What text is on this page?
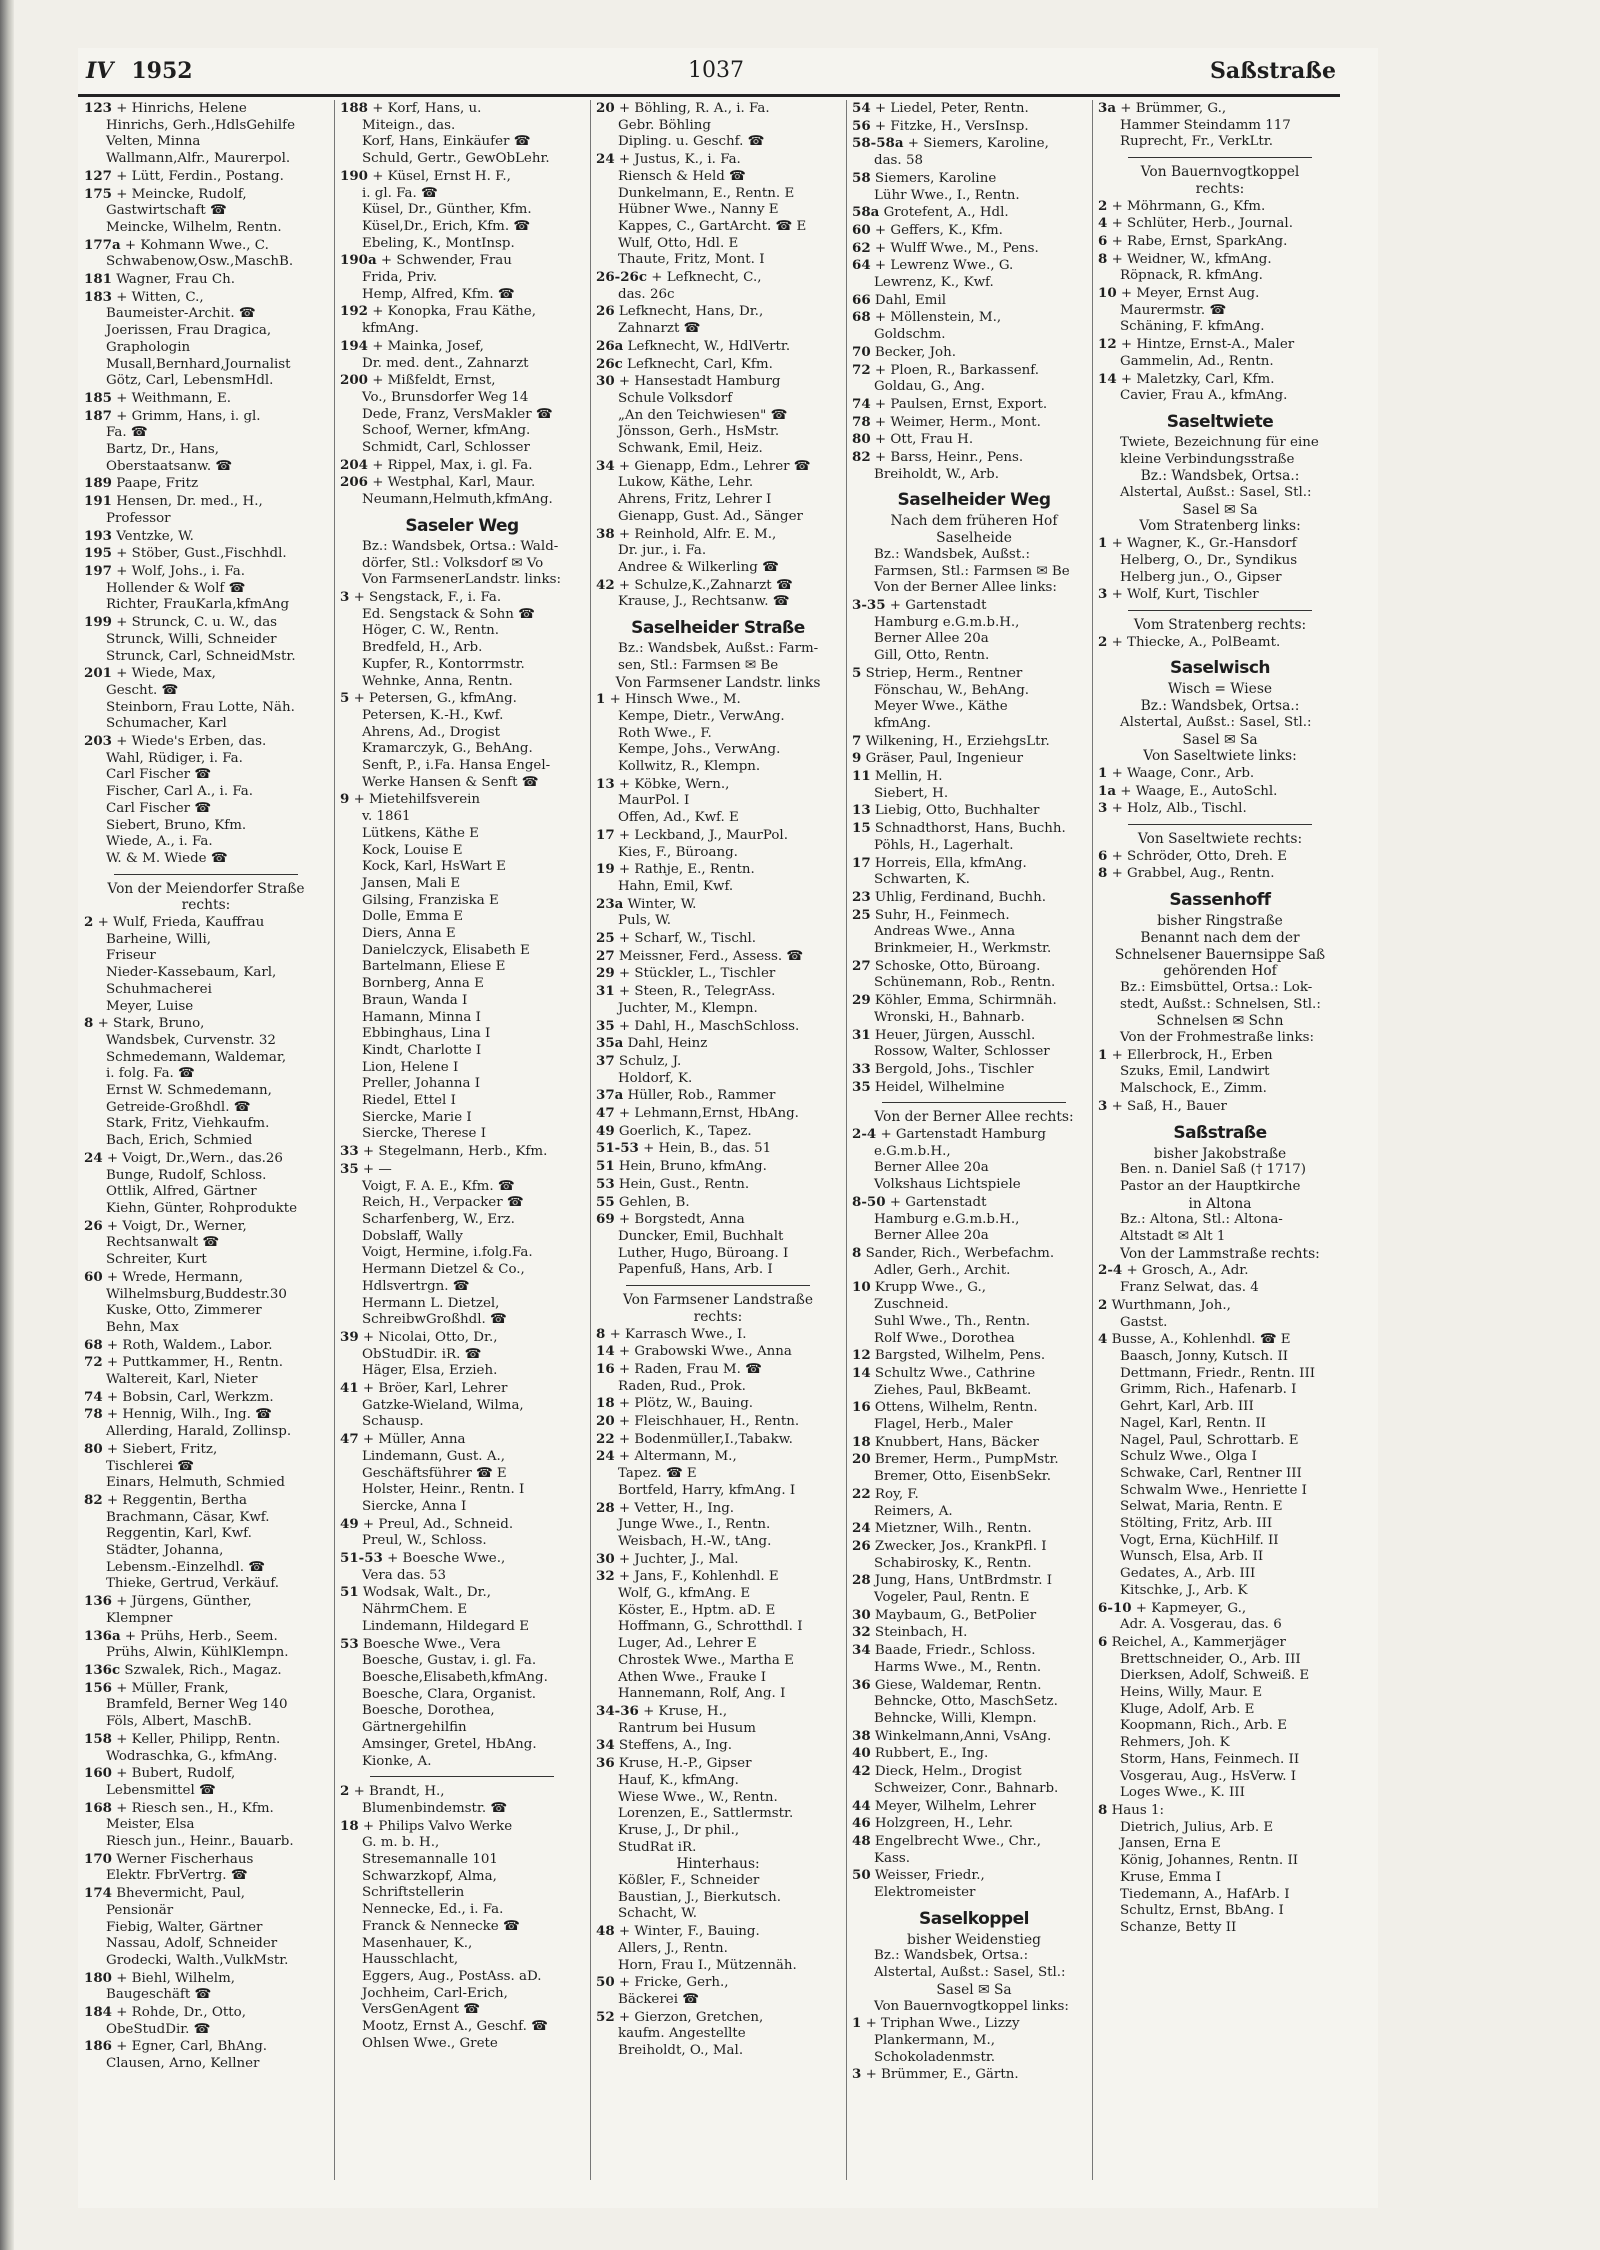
IV 1952	1037	Saßstraße
123 + Hinrichs, Helene
Hinrichs, Gerh.,HdlsGehilfe
Velten, Minna
Wallmann,Alfr., Maurerpol.
127 + Lütt, Ferdin., Postang.
175 + Meincke, Rudolf,
Gastwirtschaft ☎
Meincke, Wilhelm, Rentn.
177a + Kohmann Wwe., C.
Schwabenow,Osw.,MaschB.
181 Wagner, Frau Ch.
183 + Witten, C.,
Baumeister-Archit. ☎
Joerissen, Frau Dragica,
Graphologin
Musall,Bernhard,Journalist
Götz, Carl, LebensmHdl.
185 + Weithmann, E.
187 + Grimm, Hans, i. gl.
Fa. ☎
Bartz, Dr., Hans,
Oberstaatsanw. ☎
189 Paape, Fritz
191 Hensen, Dr. med., H.,
Professor
193 Ventzke, W.
195 + Stöber, Gust.,Fischhdl.
197 + Wolf, Johs., i. Fa.
Hollender & Wolf ☎
Richter, FrauKarla,kfmAng
199 + Strunck, C. u. W., das
Strunck, Willi, Schneider
Strunck, Carl, SchneidMstr.
201 + Wiede, Max,
Gescht. ☎
Steinborn, Frau Lotte, Näh.
Schumacher, Karl
203 + Wiede's Erben, das.
Wahl, Rüdiger, i. Fa.
Carl Fischer ☎
Fischer, Carl A., i. Fa.
Carl Fischer ☎
Siebert, Bruno, Kfm.
Wiede, A., i. Fa.
W. & M. Wiede ☎
Von der Meiendorfer Straße
rechts:
2 + Wulf, Frieda, Kauffrau
Barheine, Willi,
Friseur
Nieder-Kassebaum, Karl,
Schuhmacherei
Meyer, Luise
8 + Stark, Bruno,
Wandsbek, Curvenstr. 32
Schmedemann, Waldemar,
i. folg. Fa. ☎
Ernst W. Schmedemann,
Getreide-Großhdl. ☎
Stark, Fritz, Viehkaufm.
Bach, Erich, Schmied
24 + Voigt, Dr.,Wern., das.26
Bunge, Rudolf, Schloss.
Ottlik, Alfred, Gärtner
Kiehn, Günter, Rohprodukte
26 + Voigt, Dr., Werner,
Rechtsanwalt ☎
Schreiter, Kurt
60 + Wrede, Hermann,
Wilhelmsburg,Buddestr.30
Kuske, Otto, Zimmerer
Behn, Max
68 + Roth, Waldem., Labor.
72 + Puttkammer, H., Rentn.
Waltereit, Karl, Nieter
74 + Bobsin, Carl, Werkzm.
78 + Hennig, Wilh., Ing. ☎
Allerding, Harald, Zollinsp.
80 + Siebert, Fritz,
Tischlerei ☎
Einars, Helmuth, Schmied
82 + Reggentin, Bertha
Brachmann, Cäsar, Kwf.
Reggentin, Karl, Kwf.
Städter, Johanna,
Lebensm.-Einzelhdl. ☎
Thieke, Gertrud, Verkäuf.
136 + Jürgens, Günther,
Klempner
136a + Prühs, Herb., Seem.
Prühs, Alwin, KühlKlempn.
136c Szwalek, Rich., Magaz.
156 + Müller, Frank,
Bramfeld, Berner Weg 140
Föls, Albert, MaschB.
158 + Keller, Philipp, Rentn.
Wodraschka, G., kfmAng.
160 + Bubert, Rudolf,
Lebensmittel ☎
168 + Riesch sen., H., Kfm.
Meister, Elsa
Riesch jun., Heinr., Bauarb.
170 Werner Fischerhaus
Elektr. FbrVertrg. ☎
174 Bhevermicht, Paul,
Pensionär
Fiebig, Walter, Gärtner
Nassau, Adolf, Schneider
Grodecki, Walth.,VulkMstr.
180 + Biehl, Wilhelm,
Baugeschäft ☎
184 + Rohde, Dr., Otto,
ObeStudDir. ☎
186 + Egner, Carl, BhAng.
Clausen, Arno, Kellner
188 + Korf, Hans, u.
Miteign., das.
Korf, Hans, Einkäufer ☎
Schuld, Gertr., GewObLehr.
190 + Küsel, Ernst H. F.,
i. gl. Fa. ☎
Küsel, Dr., Günther, Kfm.
Küsel,Dr., Erich, Kfm. ☎
Ebeling, K., MontInsp.
190a + Schwender, Frau
Frida, Priv.
Hemp, Alfred, Kfm. ☎
192 + Konopka, Frau Käthe,
kfmAng.
194 + Mainka, Josef,
Dr. med. dent., Zahnarzt
200 + Mißfeldt, Ernst,
Vo., Brunsdorfer Weg 14
Dede, Franz, VersMakler ☎
Schoof, Werner, kfmAng.
Schmidt, Carl, Schlosser
204 + Rippel, Max, i. gl. Fa.
206 + Westphal, Karl, Maur.
Neumann,Helmuth,kfmAng.
Saseler Weg
Bz.: Wandsbek, Ortsa.: Wald-
dörfer, Stl.: Volksdorf ✉ Vo
Von FarmsenerLandstr. links:
3 + Sengstack, F., i. Fa.
Ed. Sengstack & Sohn ☎
Höger, C. W., Rentn.
Bredfeld, H., Arb.
Kupfer, R., Kontorrmstr.
Wehnke, Anna, Rentn.
5 + Petersen, G., kfmAng.
Petersen, K.-H., Kwf.
Ahrens, Ad., Drogist
Kramarczyk, G., BehAng.
Senft, P., i.Fa. Hansa Engel-
Werke Hansen & Senft ☎
9 + Mietehilfsverein
v. 1861
Lütkens, Käthe E
Kock, Louise E
Kock, Karl, HsWart E
Jansen, Mali E
Gilsing, Franziska E
Dolle, Emma E
Diers, Anna E
Danielczyck, Elisabeth E
Bartelmann, Eliese E
Bornberg, Anna E
Braun, Wanda I
Hamann, Minna I
Ebbinghaus, Lina I
Kindt, Charlotte I
Lion, Helene I
Preller, Johanna I
Riedel, Ettel I
Siercke, Marie I
Siercke, Therese I
33 + Stegelmann, Herb., Kfm.
35 + —
Voigt, F. A. E., Kfm. ☎
Reich, H., Verpacker ☎
Scharfenberg, W., Erz.
Dobslaff, Wally
Voigt, Hermine, i.folg.Fa.
Hermann Dietzel & Co.,
Hdlsvertrgn. ☎
Hermann L. Dietzel,
SchreibwGroßhdl. ☎
39 + Nicolai, Otto, Dr.,
ObStudDir. iR. ☎
Häger, Elsa, Erzieh.
41 + Bröer, Karl, Lehrer
Gatzke-Wieland, Wilma,
Schausp.
47 + Müller, Anna
Lindemann, Gust. A.,
Geschäftsführer ☎ E
Holster, Heinr., Rentn. I
Siercke, Anna I
49 + Preul, Ad., Schneid.
Preul, W., Schloss.
51-53 + Boesche Wwe.,
Vera das. 53
51 Wodsak, Walt., Dr.,
NährmChem. E
Lindemann, Hildegard E
53 Boesche Wwe., Vera
Boesche, Gustav, i. gl. Fa.
Boesche,Elisabeth,kfmAng.
Boesche, Clara, Organist.
Boesche, Dorothea,
Gärtnergehilfin
Amsinger, Gretel, HbAng.
Kionke, A.
2 + Brandt, H.,
Blumenbindemstr. ☎
18 + Philips Valvo Werke
G. m. b. H.,
Stresemannalle 101
Schwarzkopf, Alma,
Schriftstellerin
Nennecke, Ed., i. Fa.
Franck & Nennecke ☎
Masenhauer, K.,
Hausschlacht,
Eggers, Aug., PostAss. aD.
Jochheim, Carl-Erich,
VersGenAgent ☎
Mootz, Ernst A., Geschf. ☎
Ohlsen Wwe., Grete
20 + Böhling, R. A., i. Fa.
Gebr. Böhling
Dipling. u. Geschf. ☎
24 + Justus, K., i. Fa.
Riensch & Held ☎
Dunkelmann, E., Rentn. E
Hübner Wwe., Nanny E
Kappes, C., GartArcht. ☎ E
Wulf, Otto, Hdl. E
Thaute, Fritz, Mont. I
26-26c + Lefknecht, C.,
das. 26c
26 Lefknecht, Hans, Dr.,
Zahnarzt ☎
26a Lefknecht, W., HdlVertr.
26c Lefknecht, Carl, Kfm.
30 + Hansestadt Hamburg
Schule Volksdorf
„An den Teichwiesen" ☎
Jönsson, Gerh., HsMstr.
Schwank, Emil, Heiz.
34 + Gienapp, Edm., Lehrer ☎
Lukow, Käthe, Lehr.
Ahrens, Fritz, Lehrer I
Gienapp, Gust. Ad., Sänger
38 + Reinhold, Alfr. E. M.,
Dr. jur., i. Fa.
Andree & Wilkerling ☎
42 + Schulze,K.,Zahnarzt ☎
Krause, J., Rechtsanw. ☎
Saselheider Straße
Bz.: Wandsbek, Außst.: Farm-
sen, Stl.: Farmsen ✉ Be
Von Farmsener Landstr. links
1 + Hinsch Wwe., M.
Kempe, Dietr., VerwAng.
Roth Wwe., F.
Kempe, Johs., VerwAng.
Kollwitz, R., Klempn.
13 + Köbke, Wern.,
MaurPol. I
Offen, Ad., Kwf. E
17 + Leckband, J., MaurPol.
Kies, F., Büroang.
19 + Rathje, E., Rentn.
Hahn, Emil, Kwf.
23a Winter, W.
Puls, W.
25 + Scharf, W., Tischl.
27 Meissner, Ferd., Assess. ☎
29 + Stückler, L., Tischler
31 + Steen, R., TelegrAss.
Juchter, M., Klempn.
35 + Dahl, H., MaschSchloss.
35a Dahl, Heinz
37 Schulz, J.
Holdorf, K.
37a Hüller, Rob., Rammer
47 + Lehmann,Ernst, HbAng.
49 Goerlich, K., Tapez.
51-53 + Hein, B., das. 51
51 Hein, Bruno, kfmAng.
53 Hein, Gust., Rentn.
55 Gehlen, B.
69 + Borgstedt, Anna
Duncker, Emil, Buchhalt
Luther, Hugo, Büroang. I
Papenfuß, Hans, Arb. I
Von Farmsener Landstraße
rechts:
8 + Karrasch Wwe., I.
14 + Grabowski Wwe., Anna
16 + Raden, Frau M. ☎
Raden, Rud., Prok.
18 + Plötz, W., Bauing.
20 + Fleischhauer, H., Rentn.
22 + Bodenmüller,I.,Tabakw.
24 + Altermann, M.,
Tapez. ☎ E
Bortfeld, Harry, kfmAng. I
28 + Vetter, H., Ing.
Junge Wwe., I., Rentn.
Weisbach, H.-W., tAng.
30 + Juchter, J., Mal.
32 + Jans, F., Kohlenhdl. E
Wolf, G., kfmAng. E
Köster, E., Hptm. aD. E
Hoffmann, G., Schrotthdl. I
Luger, Ad., Lehrer E
Chrostek Wwe., Martha E
Athen Wwe., Frauke I
Hannemann, Rolf, Ang. I
34-36 + Kruse, H.,
Rantrum bei Husum
34 Steffens, A., Ing.
36 Kruse, H.-P., Gipser
Hauf, K., kfmAng.
Wiese Wwe., W., Rentn.
Lorenzen, E., Sattlermstr.
Kruse, J., Dr phil.,
StudRat iR.
Hinterhaus:
Kößler, F., Schneider
Baustian, J., Bierkutsch.
Schacht, W.
48 + Winter, F., Bauing.
Allers, J., Rentn.
Horn, Frau I., Mützennäh.
50 + Fricke, Gerh.,
Bäckerei ☎
52 + Gierzon, Gretchen,
kaufm. Angestellte
Breiholdt, O., Mal.
54 + Liedel, Peter, Rentn.
56 + Fitzke, H., VersInsp.
58-58a + Siemers, Karoline,
das. 58
58 Siemers, Karoline
Lühr Wwe., I., Rentn.
58a Grotefent, A., Hdl.
60 + Geffers, K., Kfm.
62 + Wulff Wwe., M., Pens.
64 + Lewrenz Wwe., G.
Lewrenz, K., Kwf.
66 Dahl, Emil
68 + Möllenstein, M.,
Goldschm.
70 Becker, Joh.
72 + Ploen, R., Barkassenf.
Goldau, G., Ang.
74 + Paulsen, Ernst, Export.
78 + Weimer, Herm., Mont.
80 + Ott, Frau H.
82 + Barss, Heinr., Pens.
Breiholdt, W., Arb.
Saselheider Weg
Nach dem früheren Hof
Saselheide
Bz.: Wandsbek, Außst.:
Farmsen, Stl.: Farmsen ✉ Be
Von der Berner Allee links:
3-35 + Gartenstadt
Hamburg e.G.m.b.H.,
Berner Allee 20a
Gill, Otto, Rentn.
5 Striep, Herm., Rentner
Fönschau, W., BehAng.
Meyer Wwe., Käthe
kfmAng.
7 Wilkening, H., ErziehgsLtr.
9 Gräser, Paul, Ingenieur
11 Mellin, H.
Siebert, H.
13 Liebig, Otto, Buchhalter
15 Schnadthorst, Hans, Buchh.
Pöhls, H., Lagerhalt.
17 Horreis, Ella, kfmAng.
Schwarten, K.
23 Uhlig, Ferdinand, Buchh.
25 Suhr, H., Feinmech.
Andreas Wwe., Anna
Brinkmeier, H., Werkmstr.
27 Schoske, Otto, Büroang.
Schünemann, Rob., Rentn.
29 Köhler, Emma, Schirmnäh.
Wronski, H., Bahnarb.
31 Heuer, Jürgen, Ausschl.
Rossow, Walter, Schlosser
33 Bergold, Johs., Tischler
35 Heidel, Wilhelmine
Von der Berner Allee rechts:
2-4 + Gartenstadt Hamburg
e.G.m.b.H.,
Berner Allee 20a
Volkshaus Lichtspiele
8-50 + Gartenstadt
Hamburg e.G.m.b.H.,
Berner Allee 20a
8 Sander, Rich., Werbefachm.
Adler, Gerh., Archit.
10 Krupp Wwe., G.,
Zuschneid.
Suhl Wwe., Th., Rentn.
Rolf Wwe., Dorothea
12 Bargsted, Wilhelm, Pens.
14 Schultz Wwe., Cathrine
Ziehes, Paul, BkBeamt.
16 Ottens, Wilhelm, Rentn.
Flagel, Herb., Maler
18 Knubbert, Hans, Bäcker
20 Bremer, Herm., PumpMstr.
Bremer, Otto, EisenbSekr.
22 Roy, F.
Reimers, A.
24 Mietzner, Wilh., Rentn.
26 Zwecker, Jos., KrankPfl. I
Schabirosky, K., Rentn.
28 Jung, Hans, UntBrdmstr. I
Vogeler, Paul, Rentn. E
30 Maybaum, G., BetPolier
32 Steinbach, H.
34 Baade, Friedr., Schloss.
Harms Wwe., M., Rentn.
36 Giese, Waldemar, Rentn.
Behncke, Otto, MaschSetz.
Behncke, Willi, Klempn.
38 Winkelmann,Anni, VsAng.
40 Rubbert, E., Ing.
42 Dieck, Helm., Drogist
Schweizer, Conr., Bahnarb.
44 Meyer, Wilhelm, Lehrer
46 Holzgreen, H., Lehr.
48 Engelbrecht Wwe., Chr.,
Kass.
50 Weisser, Friedr.,
Elektromeister
Saselkoppel
bisher Weidenstieg
Bz.: Wandsbek, Ortsa.:
Alstertal, Außst.: Sasel, Stl.:
Sasel ✉ Sa
Von Bauernvogtkoppel links:
1 + Triphan Wwe., Lizzy
Plankermann, M.,
Schokoladenmstr.
3 + Brümmer, E., Gärtn.
3a + Brümmer, G.,
Hammer Steindamm 117
Ruprecht, Fr., VerkLtr.
Von Bauernvogtkoppel
rechts:
2 + Möhrmann, G., Kfm.
4 + Schlüter, Herb., Journal.
6 + Rabe, Ernst, SparkAng.
8 + Weidner, W., kfmAng.
Röpnack, R. kfmAng.
10 + Meyer, Ernst Aug.
Maurermstr. ☎
Schäning, F. kfmAng.
12 + Hintze, Ernst-A., Maler
Gammelin, Ad., Rentn.
14 + Maletzky, Carl, Kfm.
Cavier, Frau A., kfmAng.
Saseltwiete
Twiete, Bezeichnung für eine
kleine Verbindungsstraße
Bz.: Wandsbek, Ortsa.:
Alstertal, Außst.: Sasel, Stl.:
Sasel ✉ Sa
Vom Stratenberg links:
1 + Wagner, K., Gr.-Hansdorf
Helberg, O., Dr., Syndikus
Helberg jun., O., Gipser
3 + Wolf, Kurt, Tischler
Vom Stratenberg rechts:
2 + Thiecke, A., PolBeamt.
Saselwisch
Wisch = Wiese
Bz.: Wandsbek, Ortsa.:
Alstertal, Außst.: Sasel, Stl.:
Sasel ✉ Sa
Von Saseltwiete links:
1 + Waage, Conr., Arb.
1a + Waage, E., AutoSchl.
3 + Holz, Alb., Tischl.
Von Saseltwiete rechts:
6 + Schröder, Otto, Dreh. E
8 + Grabbel, Aug., Rentn.
Sassenhoff
bisher Ringstraße
Benannt nach dem der
Schnelsener Bauernsippe Saß
gehörenden Hof
Bz.: Eimsbüttel, Ortsa.: Lok-
stedt, Außst.: Schnelsen, Stl.:
Schnelsen ✉ Schn
Von der Frohmestraße links:
1 + Ellerbrock, H., Erben
Szuks, Emil, Landwirt
Malschock, E., Zimm.
3 + Saß, H., Bauer
Saßstraße
bisher Jakobstraße
Ben. n. Daniel Saß († 1717)
Pastor an der Hauptkirche
in Altona
Bz.: Altona, Stl.: Altona-
Altstadt ✉ Alt 1
Von der Lammstraße rechts:
2-4 + Grosch, A., Adr.
Franz Selwat, das. 4
2 Wurthmann, Joh.,
Gastst.
4 Busse, A., Kohlenhdl. ☎ E
Baasch, Jonny, Kutsch. II
Dettmann, Friedr., Rentn. III
Grimm, Rich., Hafenarb. I
Gehrt, Karl, Arb. III
Nagel, Karl, Rentn. II
Nagel, Paul, Schrottarb. E
Schulz Wwe., Olga I
Schwake, Carl, Rentner III
Schwalm Wwe., Henriette I
Selwat, Maria, Rentn. E
Stölting, Fritz, Arb. III
Vogt, Erna, KüchHilf. II
Wunsch, Elsa, Arb. II
Gedates, A., Arb. III
Kitschke, J., Arb. K
6-10 + Kapmeyer, G.,
Adr. A. Vosgerau, das. 6
6 Reichel, A., Kammerjäger
Brettschneider, O., Arb. III
Dierksen, Adolf, Schweiß. E
Heins, Willy, Maur. E
Kluge, Adolf, Arb. E
Koopmann, Rich., Arb. E
Rehmers, Joh. K
Storm, Hans, Feinmech. II
Vosgerau, Aug., HsVerw. I
Loges Wwe., K. III
8 Haus 1:
Dietrich, Julius, Arb. E
Jansen, Erna E
König, Johannes, Rentn. II
Kruse, Emma I
Tiedemann, A., HafArb. I
Schultz, Ernst, BbAng. I
Schanze, Betty II
